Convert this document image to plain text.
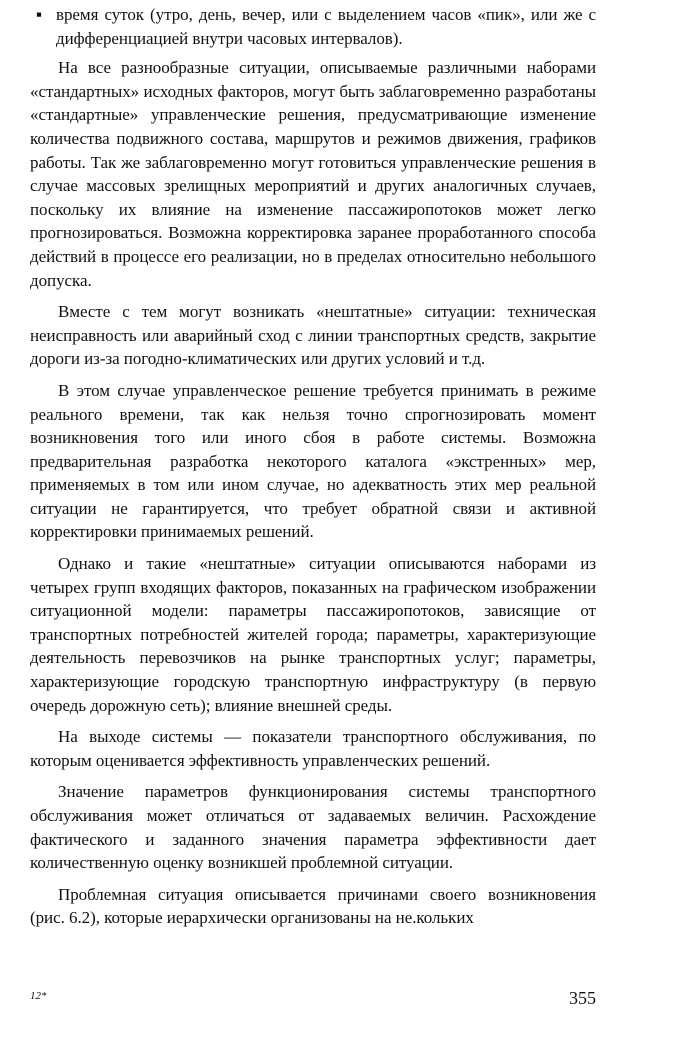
▪ время суток (утро, день, вечер, или с выделением часов «пик», или же с дифференциацией внутри часовых интервалов).

На все разнообразные ситуации, описываемые различными наборами «стандартных» исходных факторов, могут быть заблаговременно разработаны «стандартные» управленческие решения, предусматривающие изменение количества подвижного состава, маршрутов и режимов движения, графиков работы. Так же заблаговременно могут готовиться управленческие решения в случае массовых зрелищных мероприятий и других аналогичных случаев, поскольку их влияние на изменение пассажиропотоков может легко прогнозироваться. Возможна корректировка заранее проработанного способа действий в процессе его реализации, но в пределах относительно небольшого допуска.

Вместе с тем могут возникать «нештатные» ситуации: техническая неисправность или аварийный сход с линии транспортных средств, закрытие дороги из-за погодно-климатических или других условий и т.д.

В этом случае управленческое решение требуется принимать в режиме реального времени, так как нельзя точно спрогнозировать момент возникновения того или иного сбоя в работе системы. Возможна предварительная разработка некоторого каталога «экстренных» мер, применяемых в том или ином случае, но адекватность этих мер реальной ситуации не гарантируется, что требует обратной связи и активной корректировки принимаемых решений.

Однако и такие «нештатные» ситуации описываются наборами из четырех групп входящих факторов, показанных на графическом изображении ситуационной модели: параметры пассажиропотоков, зависящие от транспортных потребностей жителей города; параметры, характеризующие деятельность перевозчиков на рынке транспортных услуг; параметры, характеризующие городскую транспортную инфраструктуру (в первую очередь дорожную сеть); влияние внешней среды.

На выходе системы — показатели транспортного обслуживания, по которым оценивается эффективность управленческих решений.

Значение параметров функционирования системы транспортного обслуживания может отличаться от задаваемых величин. Расхождение фактического и заданного значения параметра эффективности дает количественную оценку возникшей проблемной ситуации.

Проблемная ситуация описывается причинами своего возникновения (рис. 6.2), которые иерархически организованы на не.кольких

12*	355
